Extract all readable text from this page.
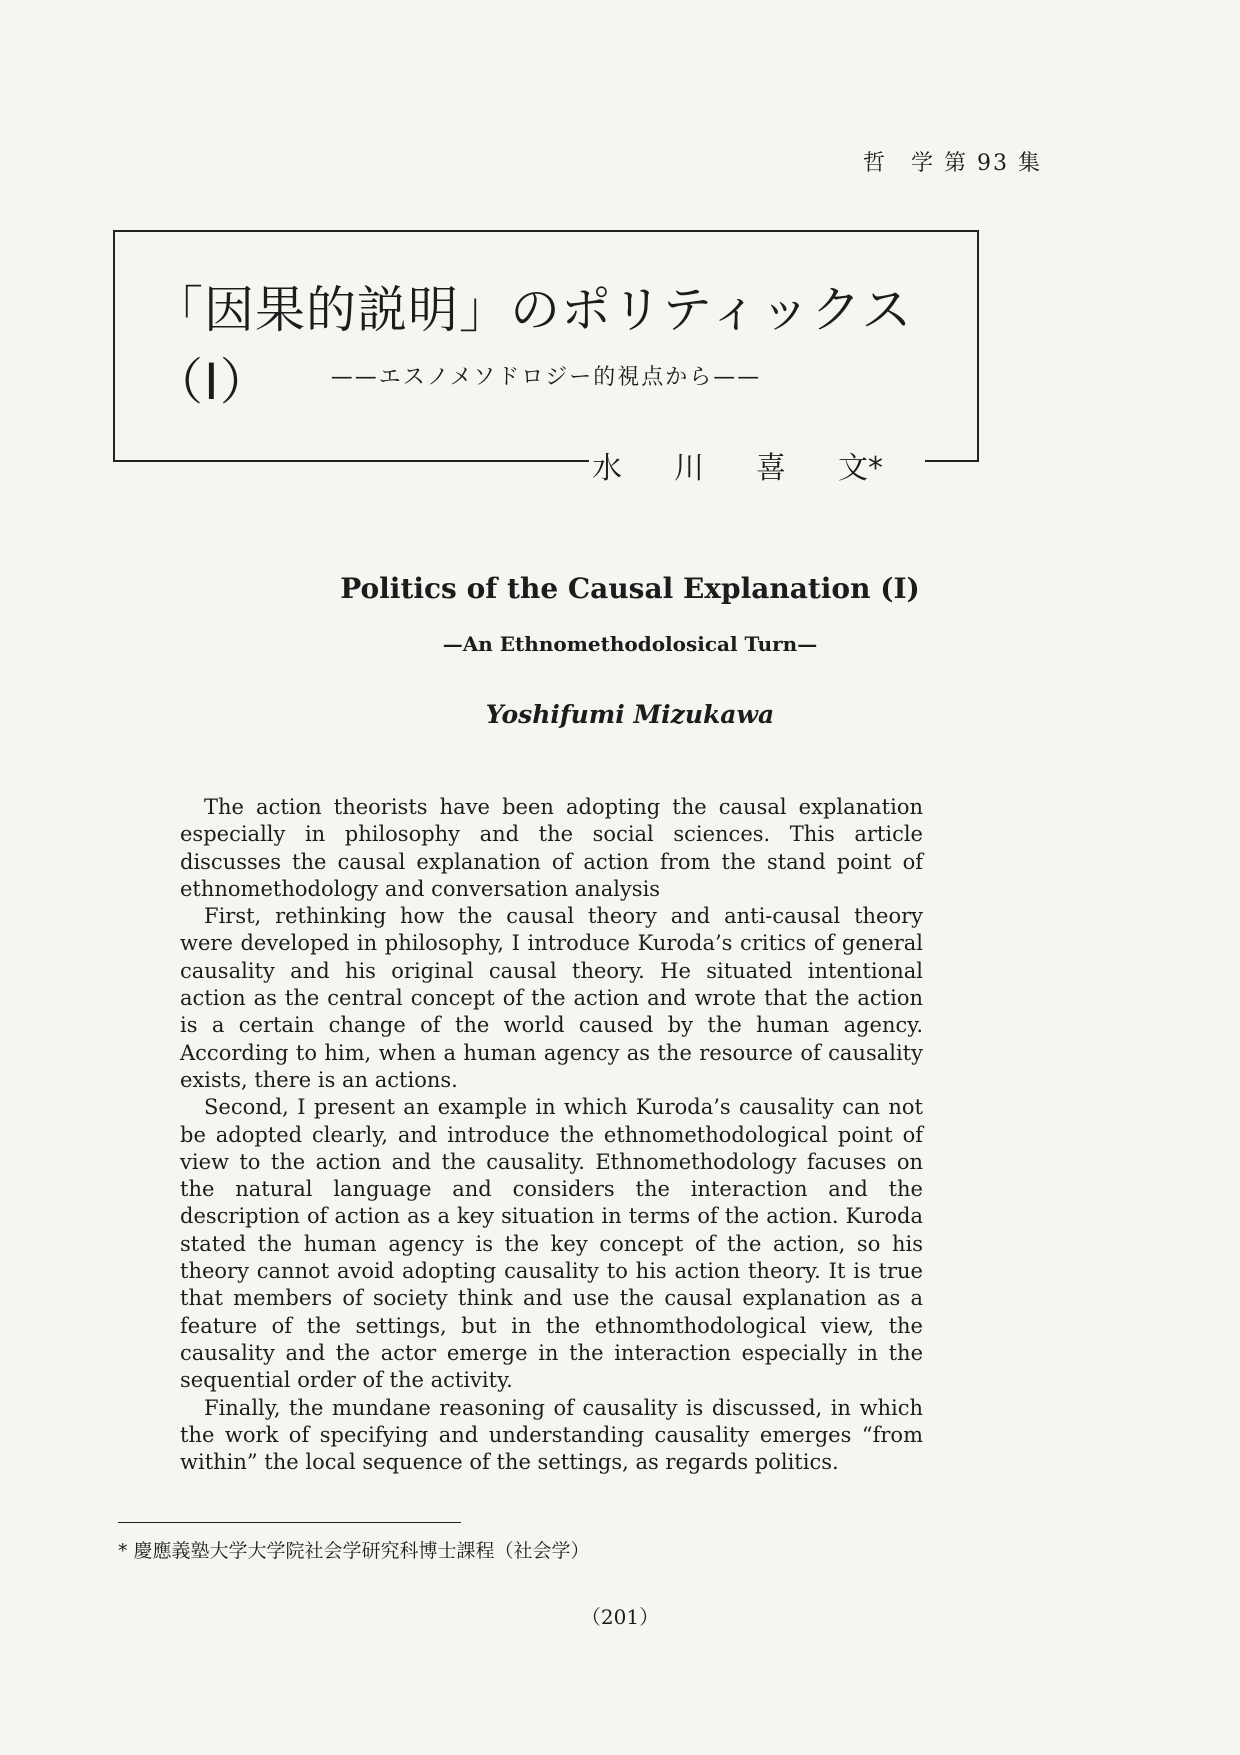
哲　学 第 93 集
「因果的説明」のポリティックス（I）	——エスノメソドロジー的視点から——
水 川 喜 文*
Politics of the Causal Explanation (I)
—An Ethnomethodolosical Turn—
Yoshifumi Mizukawa

The action theorists have been adopting the causal explanation especially in philosophy and the social sciences. This article discusses the causal explanation of action from the stand point of ethnomethodology and conversation analysis

First, rethinking how the causal theory and anti-causal theory were developed in philosophy, I introduce Kuroda’s critics of general causality and his original causal theory. He situated intentional action as the central concept of the action and wrote that the action is a certain change of the world caused by the human agency. According to him, when a human agency as the resource of causality exists, there is an actions.

Second, I present an example in which Kuroda’s causality can not be adopted clearly, and introduce the ethnomethodological point of view to the action and the causality. Ethnomethodology facuses on the natural language and considers the interaction and the description of action as a key situation in terms of the action. Kuroda stated the human agency is the key concept of the action, so his theory cannot avoid adopting causality to his action theory. It is true that members of society think and use the causal explanation as a feature of the settings, but in the ethnomthodological view, the causality and the actor emerge in the interaction especially in the sequential order of the activity.

Finally, the mundane reasoning of causality is discussed, in which the work of specifying and understanding causality emerges “from within” the local sequence of the settings, as regards politics.

* 慶應義塾大学大学院社会学研究科博士課程（社会学）
（201）
